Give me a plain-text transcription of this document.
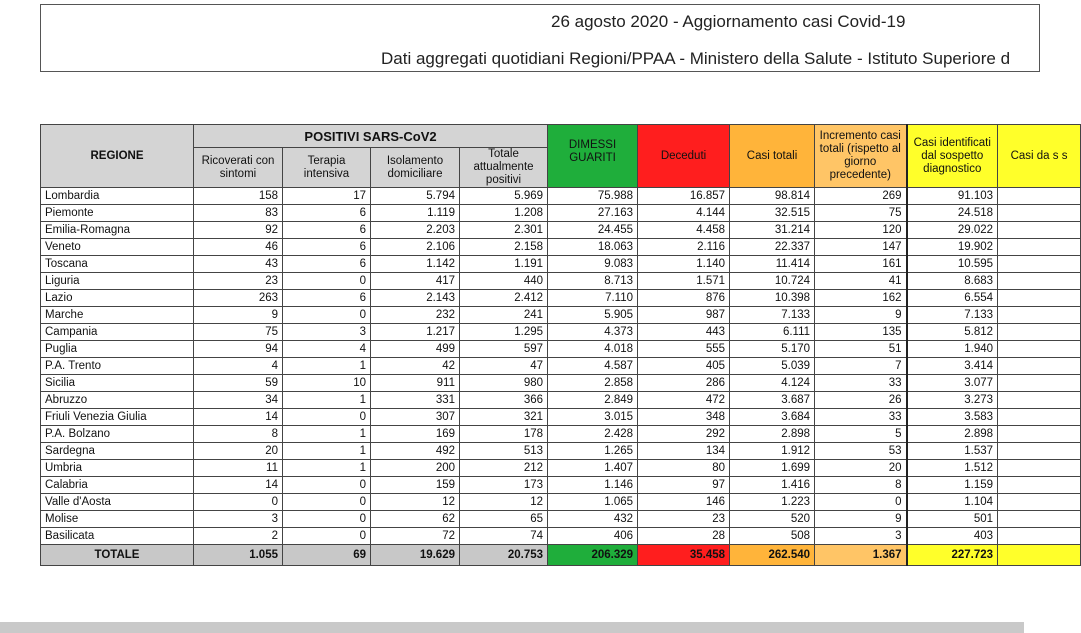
26 agosto 2020 - Aggiornamento casi Covid-19
Dati aggregati quotidiani Regioni/PPAA - Ministero della Salute - Istituto Superiore d
REGIONE	POSITIVI SARS-CoV2				DIMESSI GUARITI	Deceduti	Casi totali	Incremento casi totali (rispetto al giorno precedente)	Casi identificati dal sospetto diagnostico	Casi da s s
	Ricoverati con sintomi	Terapia intensiva	Isolamento domiciliare	Totale attualmente positivi						
Lombardia	158	17	5.794	5.969	75.988	16.857	98.814	269	91.103	
Piemonte	83	6	1.119	1.208	27.163	4.144	32.515	75	24.518	
Emilia-Romagna	92	6	2.203	2.301	24.455	4.458	31.214	120	29.022	
Veneto	46	6	2.106	2.158	18.063	2.116	22.337	147	19.902	
Toscana	43	6	1.142	1.191	9.083	1.140	11.414	161	10.595	
Liguria	23	0	417	440	8.713	1.571	10.724	41	8.683	
Lazio	263	6	2.143	2.412	7.110	876	10.398	162	6.554	
Marche	9	0	232	241	5.905	987	7.133	9	7.133	
Campania	75	3	1.217	1.295	4.373	443	6.111	135	5.812	
Puglia	94	4	499	597	4.018	555	5.170	51	1.940	
P.A. Trento	4	1	42	47	4.587	405	5.039	7	3.414	
Sicilia	59	10	911	980	2.858	286	4.124	33	3.077	
Abruzzo	34	1	331	366	2.849	472	3.687	26	3.273	
Friuli Venezia Giulia	14	0	307	321	3.015	348	3.684	33	3.583	
P.A. Bolzano	8	1	169	178	2.428	292	2.898	5	2.898	
Sardegna	20	1	492	513	1.265	134	1.912	53	1.537	
Umbria	11	1	200	212	1.407	80	1.699	20	1.512	
Calabria	14	0	159	173	1.146	97	1.416	8	1.159	
Valle d'Aosta	0	0	12	12	1.065	146	1.223	0	1.104	
Molise	3	0	62	65	432	23	520	9	501	
Basilicata	2	0	72	74	406	28	508	3	403	
TOTALE	1.055	69	19.629	20.753	206.329	35.458	262.540	1.367	227.723	
